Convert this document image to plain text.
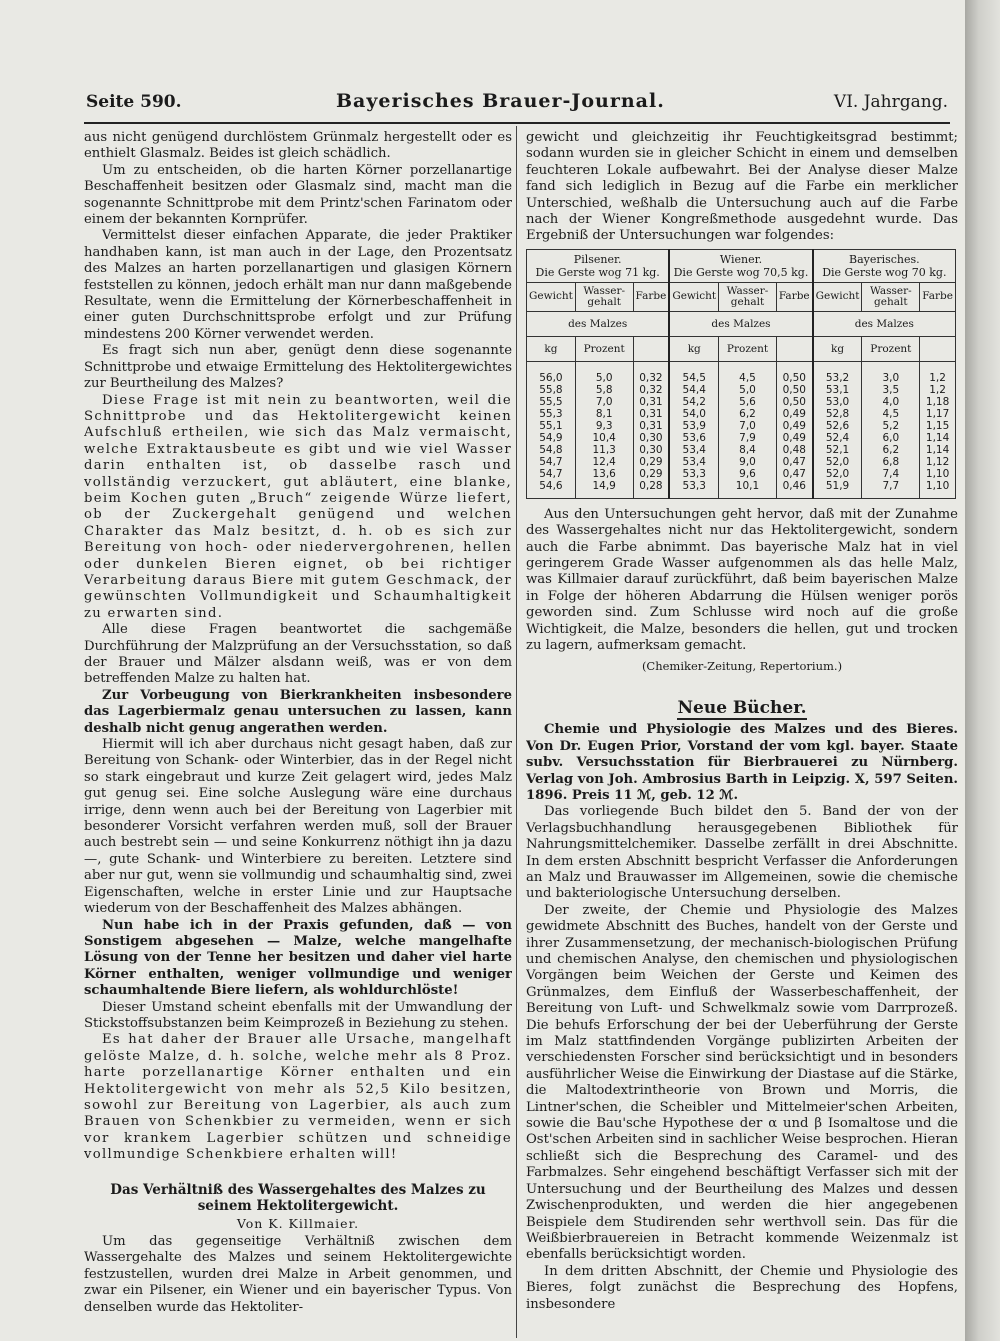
Seite 590.	Bayerisches Brauer-Journal.	VI. Jahrgang.

aus nicht genügend durchlöstem Grünmalz hergestellt oder es enthielt Glasmalz. Beides ist gleich schädlich.

Um zu entscheiden, ob die harten Körner porzellanartige Beschaffenheit besitzen oder Glasmalz sind, macht man die sogenannte Schnittprobe mit dem Printz'schen Farinatom oder einem der bekannten Kornprüfer.

Vermittelst dieser einfachen Apparate, die jeder Praktiker handhaben kann, ist man auch in der Lage, den Prozentsatz des Malzes an harten porzellanartigen und glasigen Körnern feststellen zu können, jedoch erhält man nur dann maßgebende Resultate, wenn die Ermittelung der Körnerbeschaffenheit in einer guten Durchschnittsprobe erfolgt und zur Prüfung mindestens 200 Körner verwendet werden.

Es fragt sich nun aber, genügt denn diese sogenannte Schnittprobe und etwaige Ermittelung des Hektolitergewichtes zur Beurtheilung des Malzes?

Diese Frage ist mit nein zu beantworten, weil die Schnittprobe und das Hektolitergewicht keinen Aufschluß ertheilen, wie sich das Malz vermaischt, welche Extraktausbeute es gibt und wie viel Wasser darin enthalten ist, ob dasselbe rasch und vollständig verzuckert, gut abläutert, eine blanke, beim Kochen guten „Bruch“ zeigende Würze liefert, ob der Zuckergehalt genügend und welchen Charakter das Malz besitzt, d. h. ob es sich zur Bereitung von hoch- oder niedervergohrenen, hellen oder dunkelen Bieren eignet, ob bei richtiger Verarbeitung daraus Biere mit gutem Geschmack, der gewünschten Vollmundigkeit und Schaumhaltigkeit zu erwarten sind.

Alle diese Fragen beantwortet die sachgemäße Durchführung der Malzprüfung an der Versuchsstation, so daß der Brauer und Mälzer alsdann weiß, was er von dem betreffenden Malze zu halten hat.

Zur Vorbeugung von Bierkrankheiten insbesondere das Lagerbiermalz genau untersuchen zu lassen, kann deshalb nicht genug angerathen werden.

Hiermit will ich aber durchaus nicht gesagt haben, daß zur Bereitung von Schank- oder Winterbier, das in der Regel nicht so stark eingebraut und kurze Zeit gelagert wird, jedes Malz gut genug sei. Eine solche Auslegung wäre eine durchaus irrige, denn wenn auch bei der Bereitung von Lagerbier mit besonderer Vorsicht verfahren werden muß, soll der Brauer auch bestrebt sein — und seine Konkurrenz nöthigt ihn ja dazu —, gute Schank- und Winterbiere zu bereiten. Letztere sind aber nur gut, wenn sie vollmundig und schaumhaltig sind, zwei Eigenschaften, welche in erster Linie und zur Hauptsache wiederum von der Beschaffenheit des Malzes abhängen.

Nun habe ich in der Praxis gefunden, daß — von Sonstigem abgesehen — Malze, welche mangelhafte Lösung von der Tenne her besitzen und daher viel harte Körner enthalten, weniger vollmundige und weniger schaumhaltende Biere liefern, als wohldurchlöste!

Dieser Umstand scheint ebenfalls mit der Umwandlung der Stickstoffsubstanzen beim Keimprozeß in Beziehung zu stehen.

Es hat daher der Brauer alle Ursache, mangelhaft gelöste Malze, d. h. solche, welche mehr als 8 Proz. harte porzellanartige Körner enthalten und ein Hektolitergewicht von mehr als 52,5 Kilo besitzen, sowohl zur Bereitung von Lagerbier, als auch zum Brauen von Schenkbier zu vermeiden, wenn er sich vor krankem Lagerbier schützen und schneidige vollmundige Schenkbiere erhalten will!

Das Verhältniß des Wassergehaltes des Malzes zu seinem Hektolitergewicht.
Von K. Killmaier.

Um das gegenseitige Verhältniß zwischen dem Wassergehalte des Malzes und seinem Hektolitergewichte festzustellen, wurden drei Malze in Arbeit genommen, und zwar ein Pilsener, ein Wiener und ein bayerischer Typus. Von denselben wurde das Hektoliter-

gewicht und gleichzeitig ihr Feuchtigkeitsgrad bestimmt; sodann wurden sie in gleicher Schicht in einem und demselben feuchteren Lokale aufbewahrt. Bei der Analyse dieser Malze fand sich lediglich in Bezug auf die Farbe ein merklicher Unterschied, weßhalb die Untersuchung auch auf die Farbe nach der Wiener Kongreßmethode ausgedehnt wurde. Das Ergebniß der Untersuchungen war folgendes:

Pilsener.
Die Gerste wog 71 kg.			Wiener.
Die Gerste wog 70,5 kg.			Bayerisches.
Die Gerste wog 70 kg.		
Gewicht	Wasser-gehalt	Farbe	Gewicht	Wasser-gehalt	Farbe	Gewicht	Wasser-gehalt	Farbe
des Malzes			des Malzes			des Malzes		
kg	Prozent		kg	Prozent		kg	Prozent	
56,0	5,0	0,32	54,5	4,5	0,50	53,2	3,0	1,2
55,8	5,8	0,32	54,4	5,0	0,50	53,1	3,5	1,2
55,5	7,0	0,31	54,2	5,6	0,50	53,0	4,0	1,18
55,3	8,1	0,31	54,0	6,2	0,49	52,8	4,5	1,17
55,1	9,3	0,31	53,9	7,0	0,49	52,6	5,2	1,15
54,9	10,4	0,30	53,6	7,9	0,49	52,4	6,0	1,14
54,8	11,3	0,30	53,4	8,4	0,48	52,1	6,2	1,14
54,7	12,4	0,29	53,4	9,0	0,47	52,0	6,8	1,12
54,7	13,6	0,29	53,3	9,6	0,47	52,0	7,4	1,10
54,6	14,9	0,28	53,3	10,1	0,46	51,9	7,7	1,10

Aus den Untersuchungen geht hervor, daß mit der Zunahme des Wassergehaltes nicht nur das Hektolitergewicht, sondern auch die Farbe abnimmt. Das bayerische Malz hat in viel geringerem Grade Wasser aufgenommen als das helle Malz, was Killmaier darauf zurückführt, daß beim bayerischen Malze in Folge der höheren Abdarrung die Hülsen weniger porös geworden sind. Zum Schlusse wird noch auf die große Wichtigkeit, die Malze, besonders die hellen, gut und trocken zu lagern, aufmerksam gemacht.

(Chemiker-Zeitung, Repertorium.)
Neue Bücher.

Chemie und Physiologie des Malzes und des Bieres. Von Dr. Eugen Prior, Vorstand der vom kgl. bayer. Staate subv. Versuchsstation für Bierbrauerei zu Nürnberg. Verlag von Joh. Ambrosius Barth in Leipzig. X, 597 Seiten. 1896. Preis 11 ℳ, geb. 12 ℳ.

Das vorliegende Buch bildet den 5. Band der von der Verlagsbuchhandlung herausgegebenen Bibliothek für Nahrungsmittelchemiker. Dasselbe zerfällt in drei Abschnitte. In dem ersten Abschnitt bespricht Verfasser die Anforderungen an Malz und Brauwasser im Allgemeinen, sowie die chemische und bakteriologische Untersuchung derselben.

Der zweite, der Chemie und Physiologie des Malzes gewidmete Abschnitt des Buches, handelt von der Gerste und ihrer Zusammensetzung, der mechanisch-biologischen Prüfung und chemischen Analyse, den chemischen und physiologischen Vorgängen beim Weichen der Gerste und Keimen des Grünmalzes, dem Einfluß der Wasserbeschaffenheit, der Bereitung von Luft- und Schwelkmalz sowie vom Darrprozeß. Die behufs Erforschung der bei der Ueberführung der Gerste im Malz stattfindenden Vorgänge publizirten Arbeiten der verschiedensten Forscher sind berücksichtigt und in besonders ausführlicher Weise die Einwirkung der Diastase auf die Stärke, die Maltodextrintheorie von Brown und Morris, die Lintner'schen, die Scheibler und Mittelmeier'schen Arbeiten, sowie die Bau'sche Hypothese der α und β Isomaltose und die Ost'schen Arbeiten sind in sachlicher Weise besprochen. Hieran schließt sich die Besprechung des Caramel- und des Farbmalzes. Sehr eingehend beschäftigt Verfasser sich mit der Untersuchung und der Beurtheilung des Malzes und dessen Zwischenprodukten, und werden die hier angegebenen Beispiele dem Studirenden sehr werthvoll sein. Das für die Weißbierbrauereien in Betracht kommende Weizenmalz ist ebenfalls berücksichtigt worden.

In dem dritten Abschnitt, der Chemie und Physiologie des Bieres, folgt zunächst die Besprechung des Hopfens, insbesondere
